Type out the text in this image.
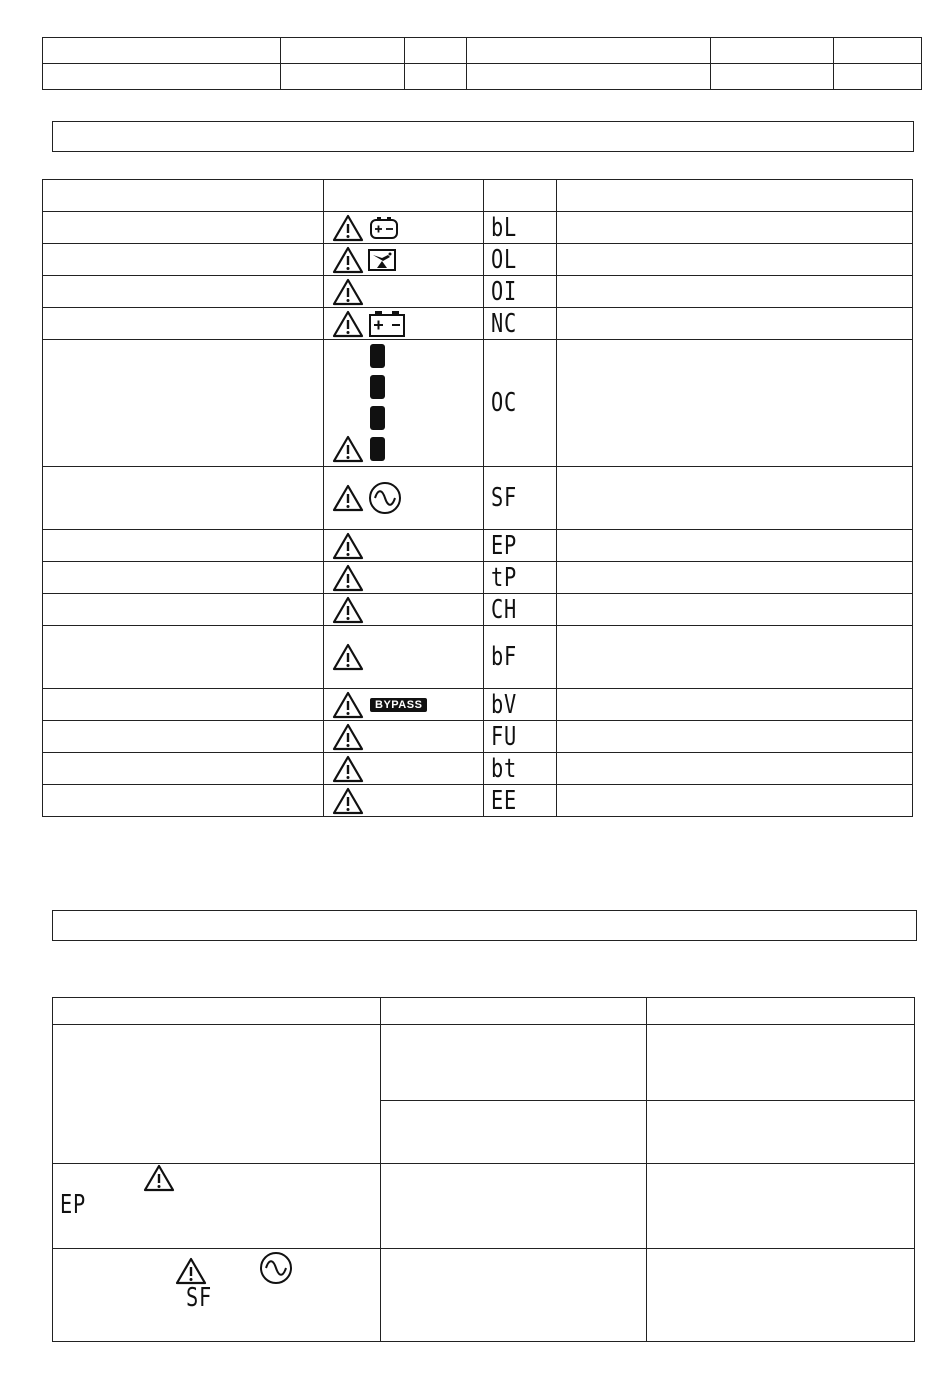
	bL	

	OL	

	OI	

	NC	

	OC	

	SF	

	EP	

	tP	

	CH	

	bF	

	BYPASS	bV	

	FU	

	bt	

	EE	

EP		

SF		
